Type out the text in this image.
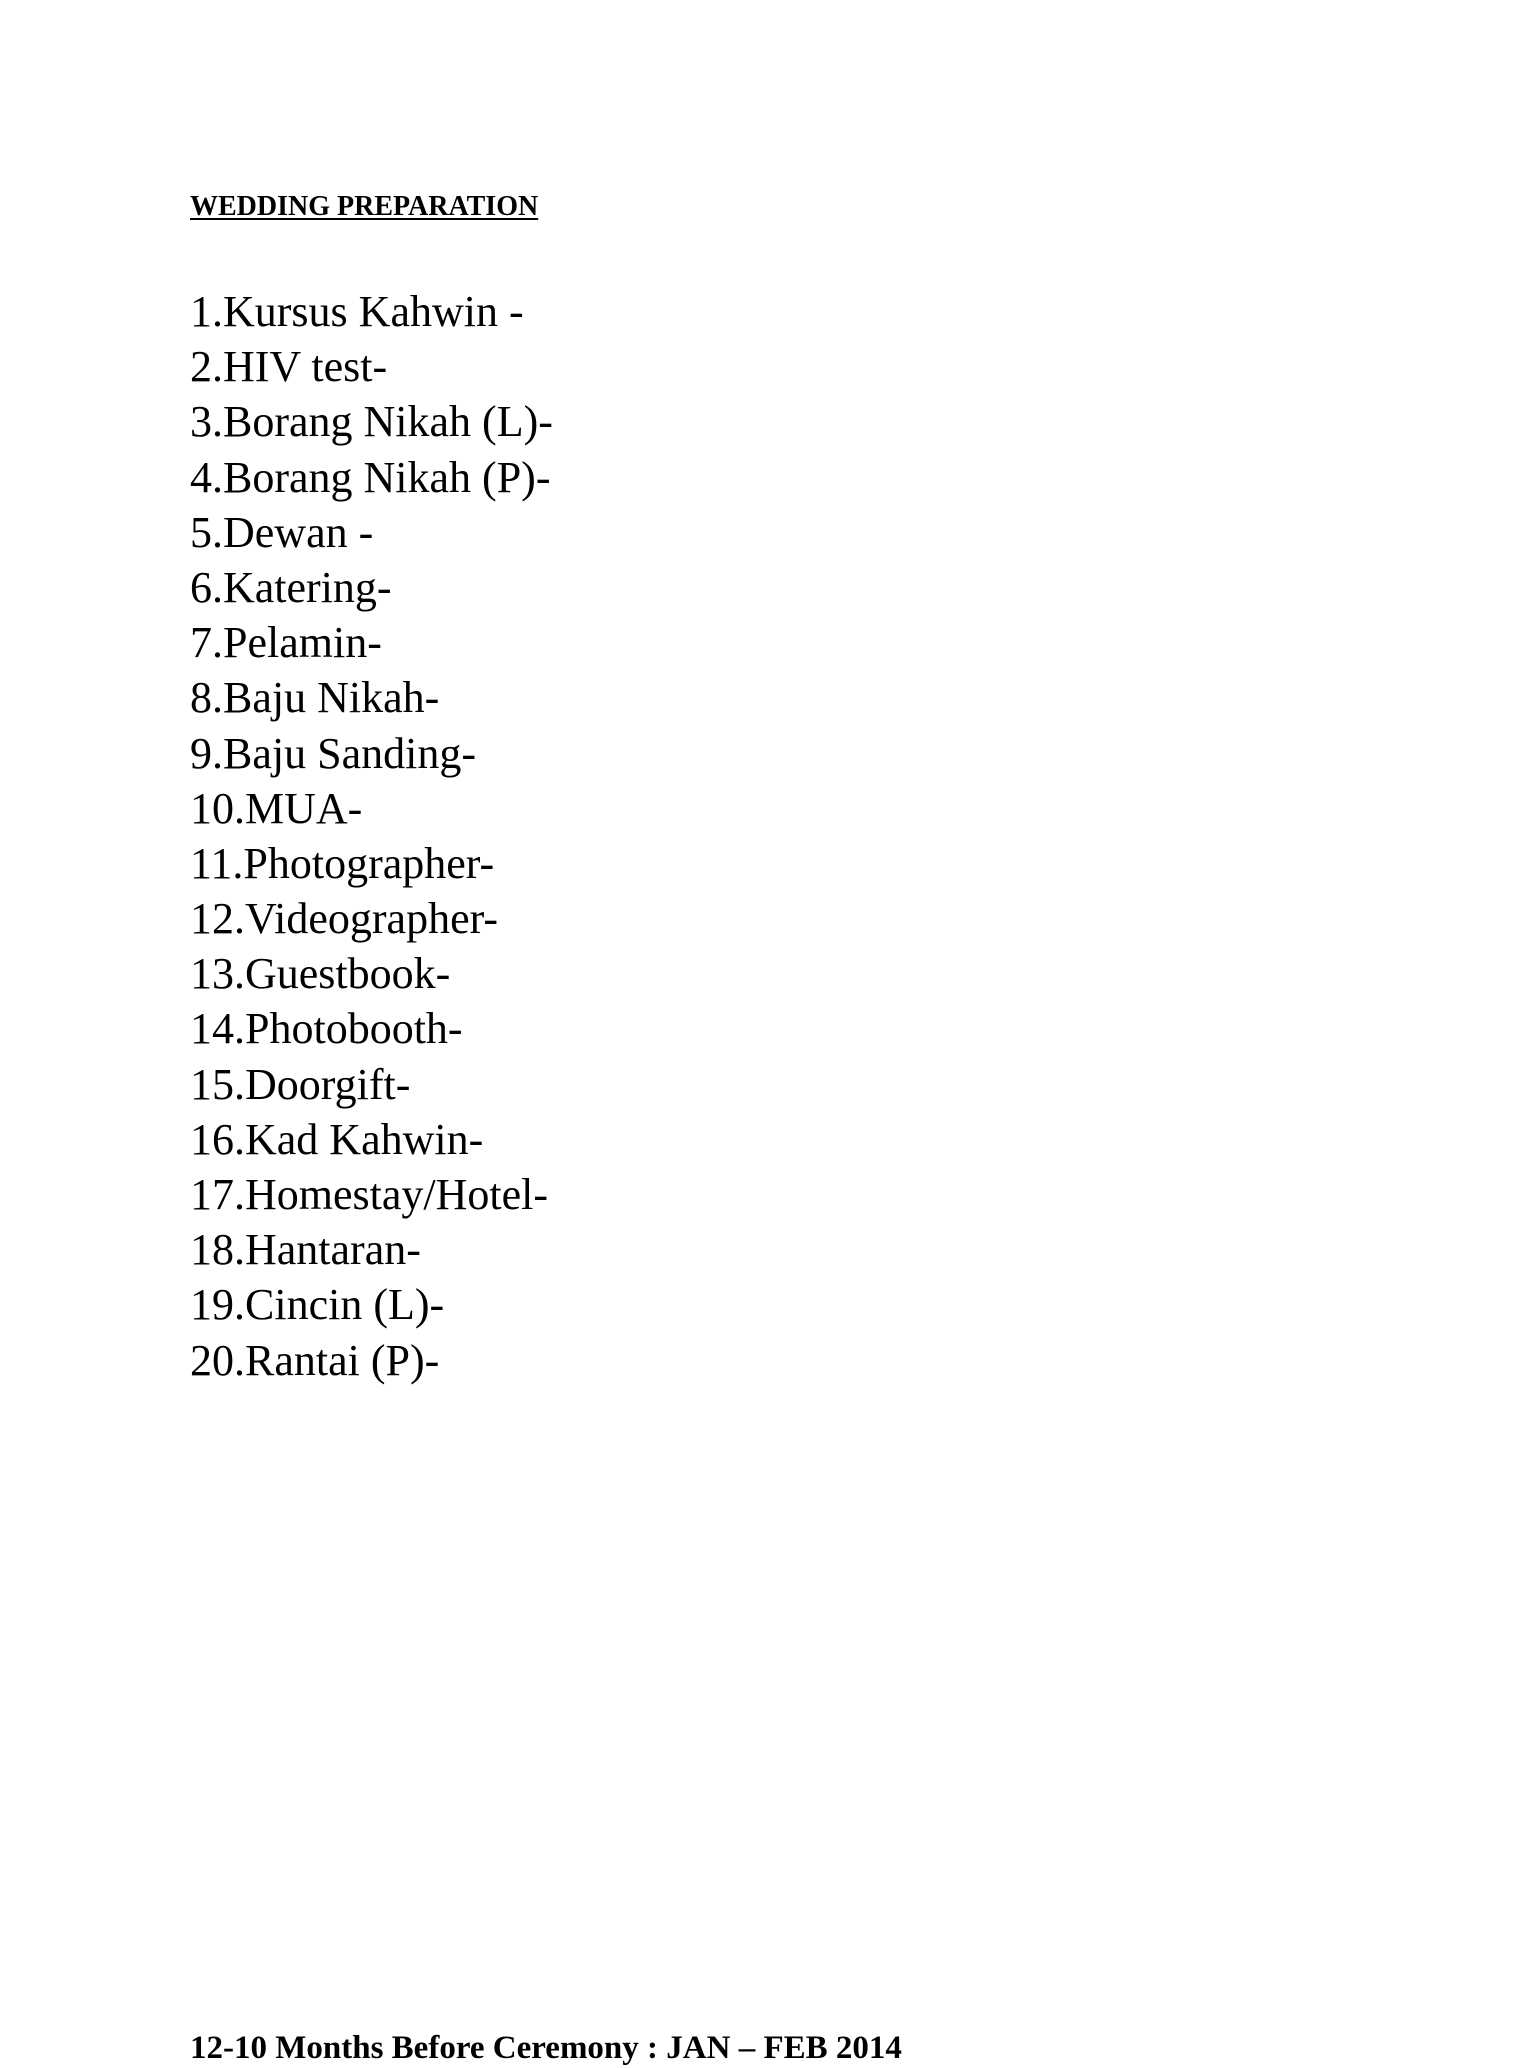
WEDDING PREPARATION
1.Kursus Kahwin -
2.HIV test-
3.Borang Nikah (L)-
4.Borang Nikah (P)-
5.Dewan -
6.Katering-
7.Pelamin-
8.Baju Nikah-
9.Baju Sanding-
10.MUA-
11.Photographer-
12.Videographer-
13.Guestbook-
14.Photobooth-
15.Doorgift-
16.Kad Kahwin-
17.Homestay/Hotel-
18.Hantaran-
19.Cincin (L)-
20.Rantai (P)-
12-10 Months Before Ceremony : JAN – FEB 2014
